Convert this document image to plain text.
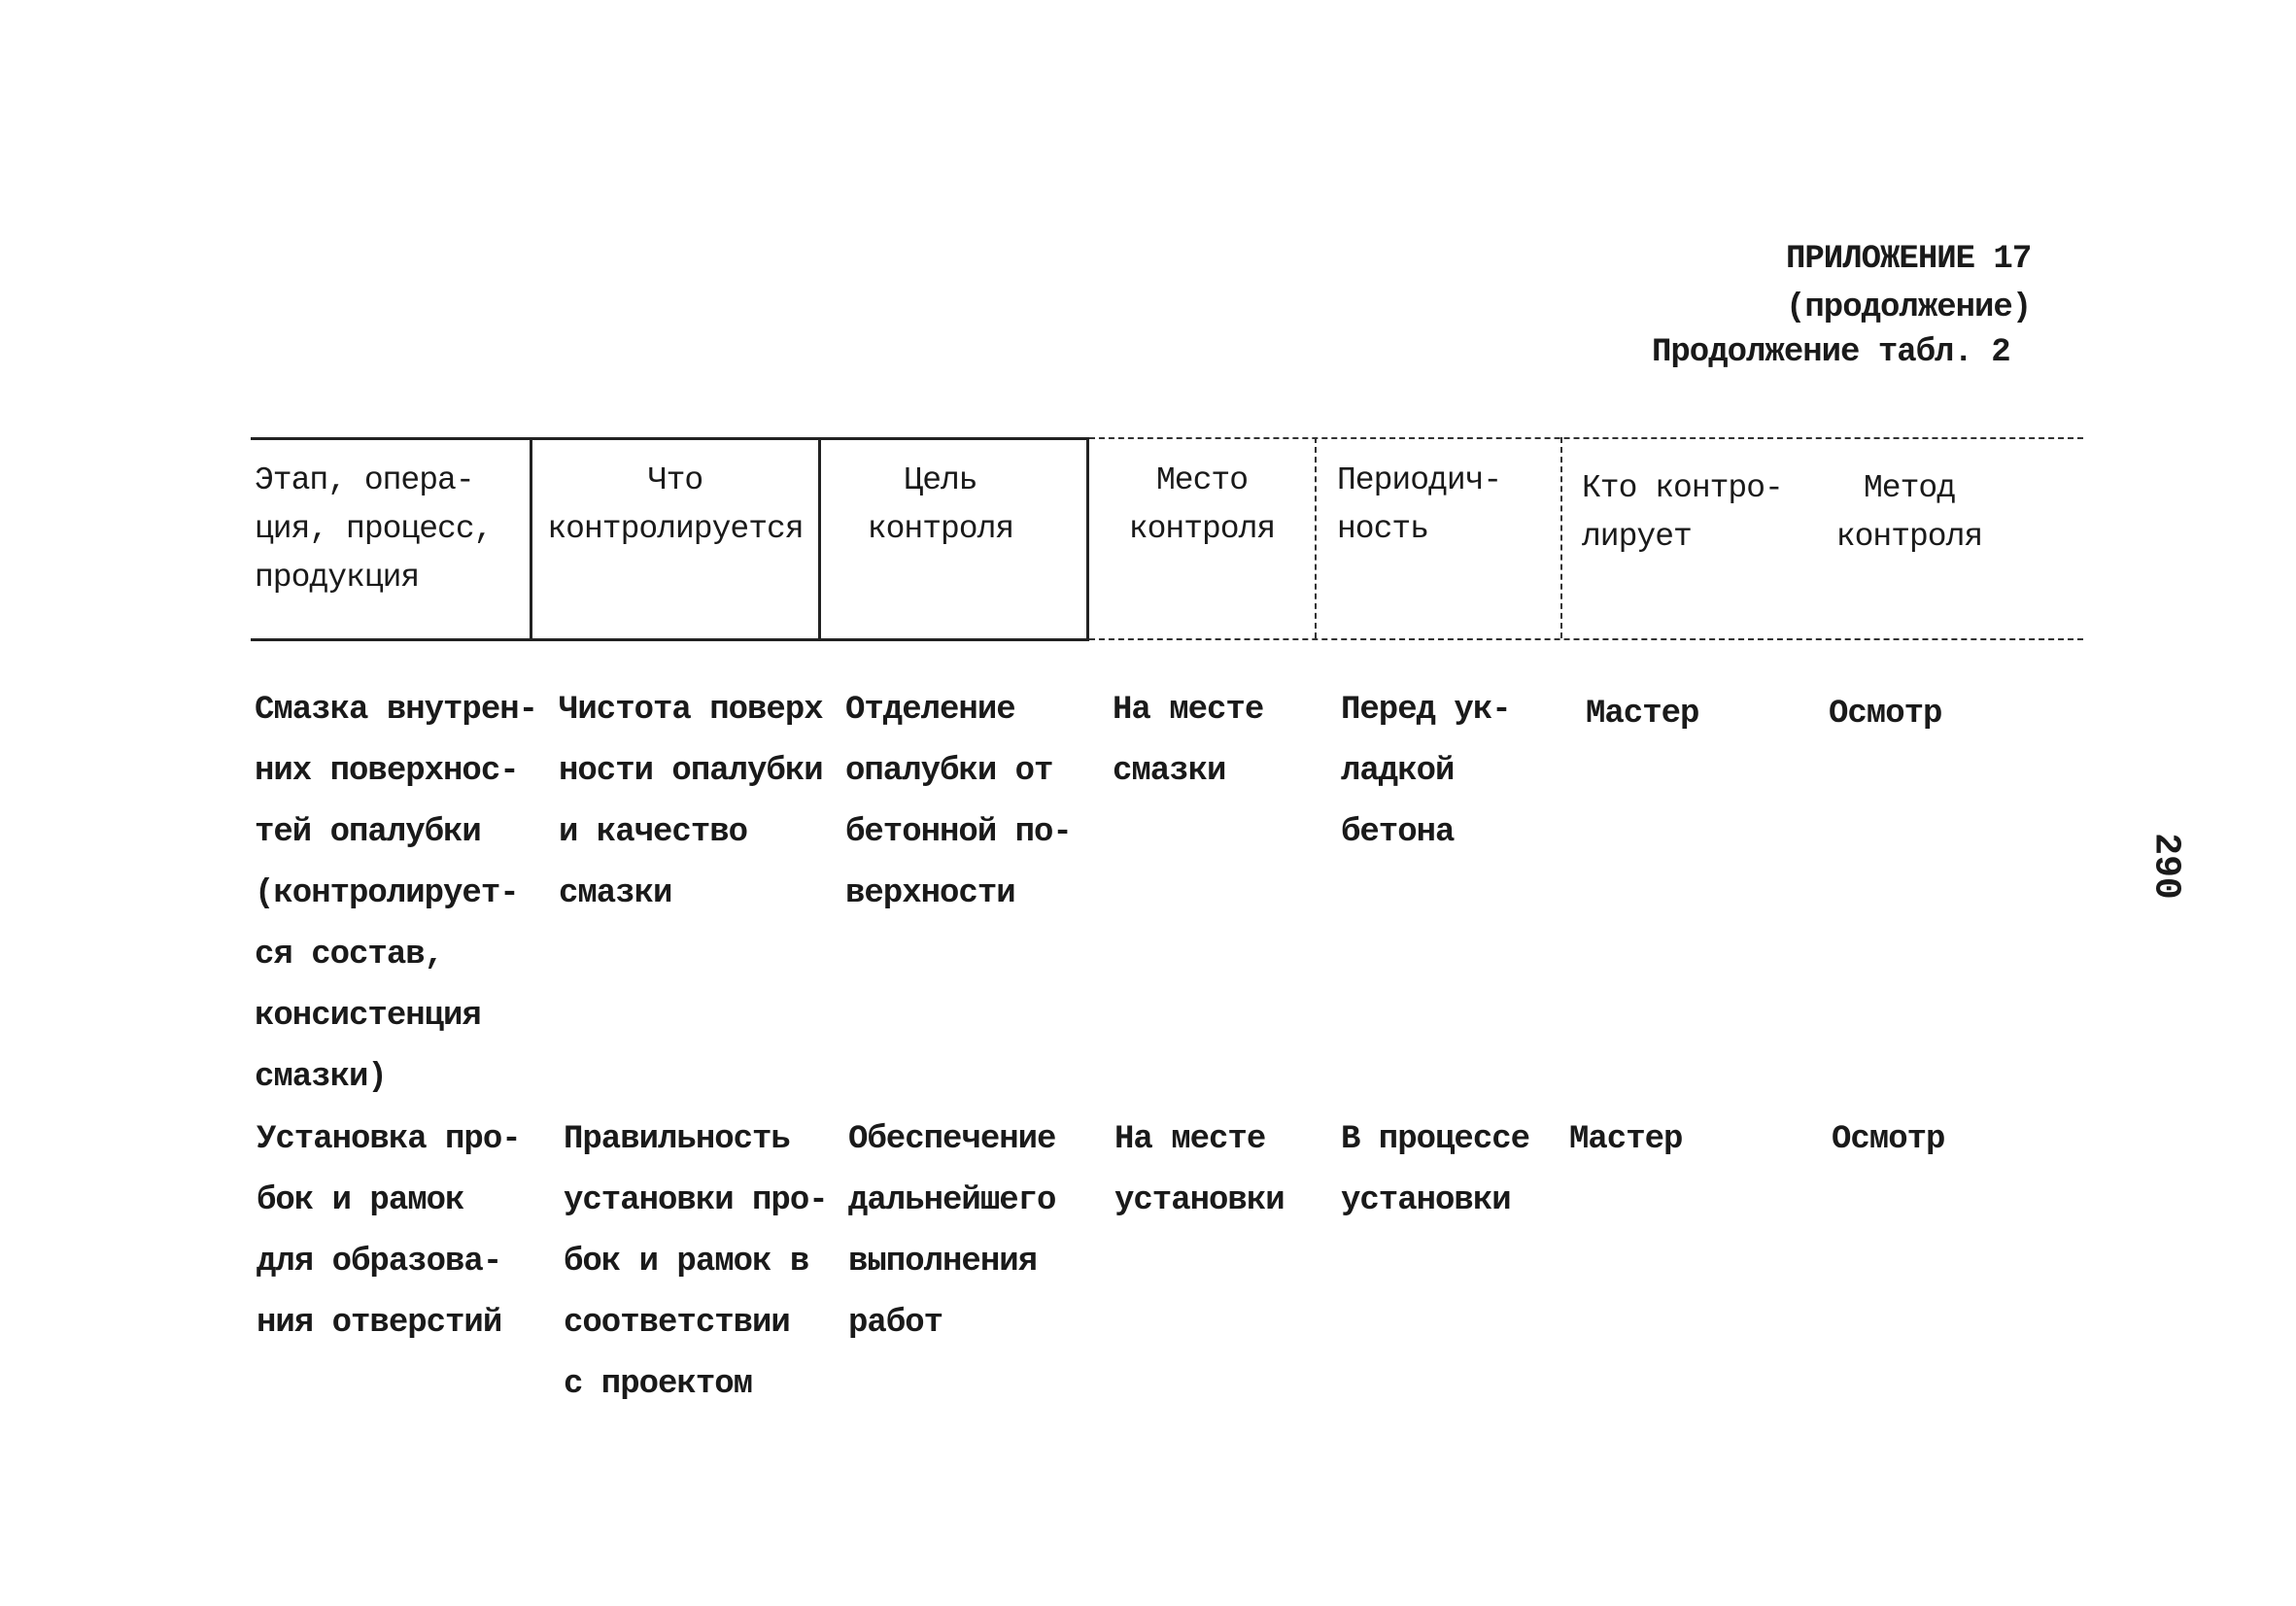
ПРИЛОЖЕНИЕ 17
(продолжение)
Продолжение табл. 2
Этап, опера-
ция, процесс,
продукция
Что
контролируется
Цель
контроля
Место
контроля
Периодич-
ность
Кто контро-
лирует
Метод
контроля
Смазка внутрен-
них поверхнос-
тей опалубки
(контролирует-
ся состав,
консистенция
смазки)
Чистота поверх
ности опалубки
и качество
смазки
Отделение
опалубки от
бетонной по-
верхности
На месте
смазки
Перед ук-
ладкой
бетона
Мастер	Осмотр
Установка про-
бок и рамок
для образова-
ния отверстий
Правильность
установки про-
бок и рамок в
соответствии
с проектом
Обеспечение
дальнейшего
выполнения
работ
На месте
установки
В процессе
установки
Мастер	Осмотр
290
